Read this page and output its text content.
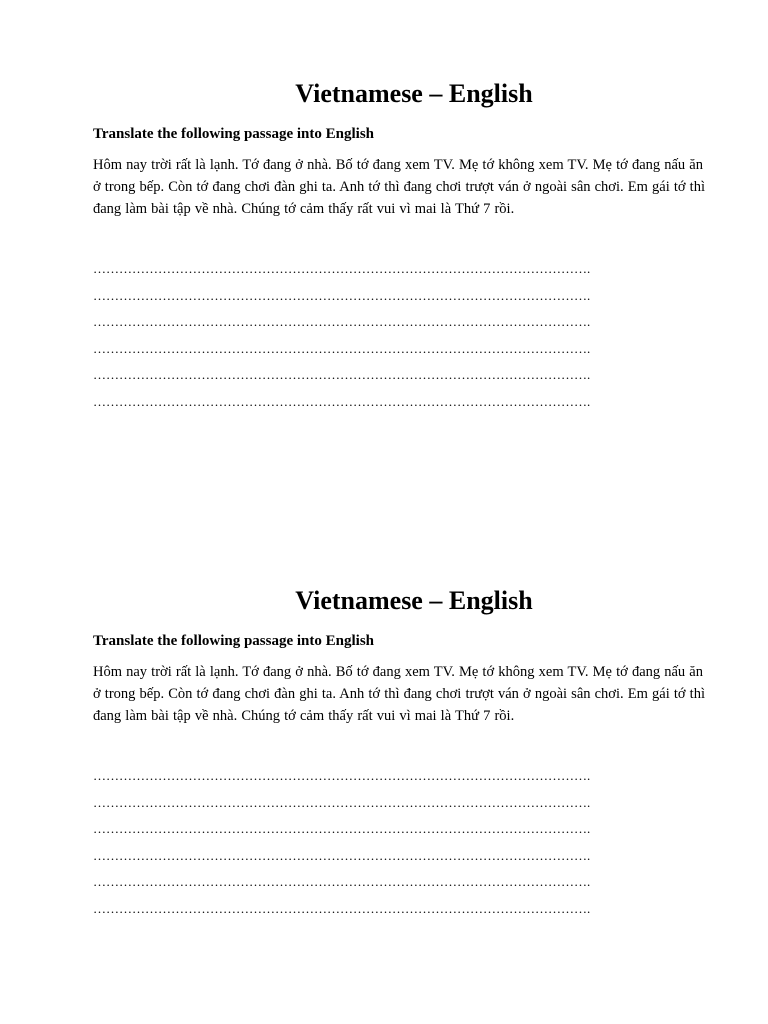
Vietnamese – English

Translate the following passage into English

Hôm nay trời rất là lạnh. Tớ đang ở nhà. Bố tớ đang xem TV. Mẹ tớ không xem TV. Mẹ tớ đang nấu ăn ở trong bếp. Còn tớ đang chơi đàn ghi ta. Anh tớ thì đang chơi trượt ván ở ngoài sân chơi. Em gái tớ thì đang làm bài tập về nhà. Chúng tớ cảm thấy rất vui vì mai là Thứ 7 rồi.

…………………………………………………………………………………………………….
…………………………………………………………………………………………………….
…………………………………………………………………………………………………….
…………………………………………………………………………………………………….
…………………………………………………………………………………………………….
…………………………………………………………………………………………………….
Vietnamese – English

Translate the following passage into English

Hôm nay trời rất là lạnh. Tớ đang ở nhà. Bố tớ đang xem TV. Mẹ tớ không xem TV. Mẹ tớ đang nấu ăn ở trong bếp. Còn tớ đang chơi đàn ghi ta. Anh tớ thì đang chơi trượt ván ở ngoài sân chơi. Em gái tớ thì đang làm bài tập về nhà. Chúng tớ cảm thấy rất vui vì mai là Thứ 7 rồi.

…………………………………………………………………………………………………….
…………………………………………………………………………………………………….
…………………………………………………………………………………………………….
…………………………………………………………………………………………………….
…………………………………………………………………………………………………….
…………………………………………………………………………………………………….
